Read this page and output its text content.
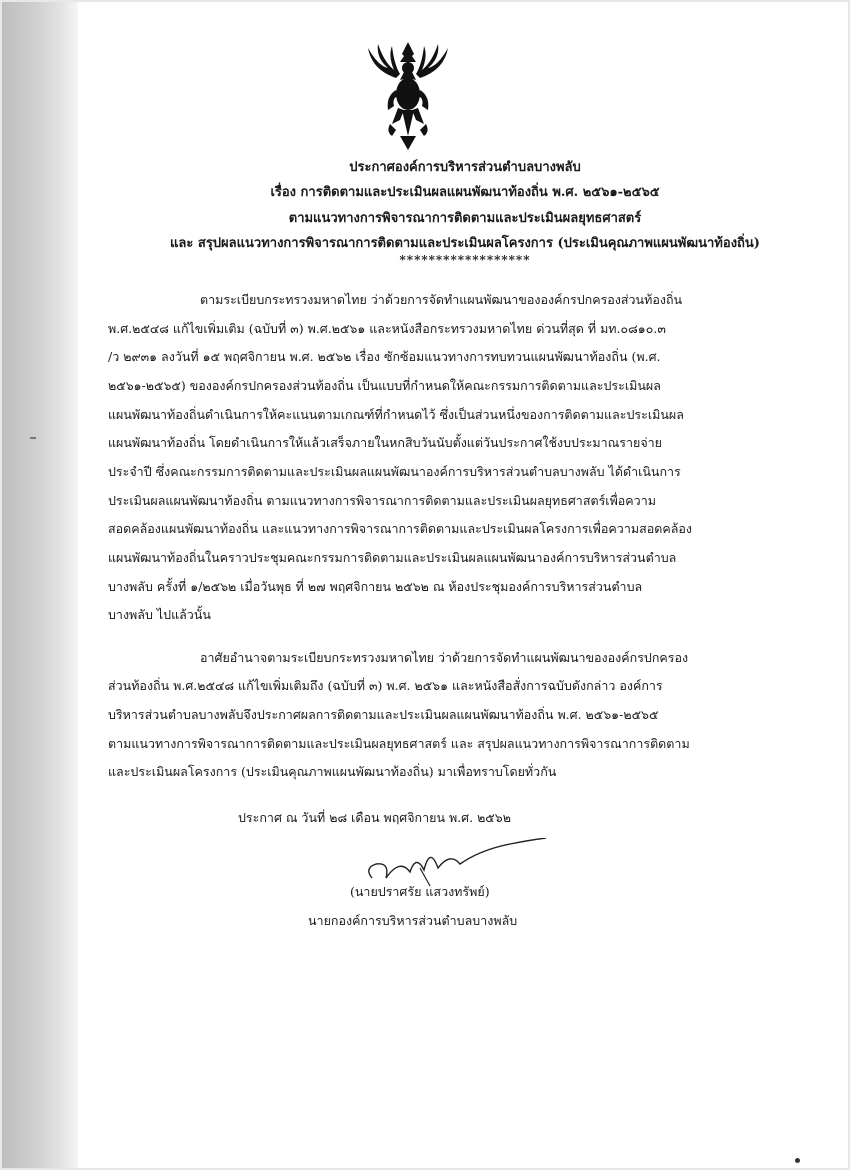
ประกาศองค์การบริหารส่วนตำบลบางพลับ
เรื่อง การติดตามและประเมินผลแผนพัฒนาท้องถิ่น พ.ศ. ๒๕๖๑-๒๕๖๕
ตามแนวทางการพิจารณาการติดตามและประเมินผลยุทธศาสตร์
และ สรุปผลแนวทางการพิจารณาการติดตามและประเมินผลโครงการ (ประเมินคุณภาพแผนพัฒนาท้องถิ่น)
******************
ตามระเบียบกระทรวงมหาดไทย ว่าด้วยการจัดทำแผนพัฒนาขององค์กรปกครองส่วนท้องถิ่น
พ.ศ.๒๕๔๘ แก้ไขเพิ่มเติม (ฉบับที่ ๓) พ.ศ.๒๕๖๑ และหนังสือกระทรวงมหาดไทย ด่วนที่สุด ที่ มท.๐๘๑๐.๓
/ว ๒๙๓๑ ลงวันที่ ๑๕ พฤศจิกายน พ.ศ. ๒๕๖๒ เรื่อง ซักซ้อมแนวทางการทบทวนแผนพัฒนาท้องถิ่น (พ.ศ.
๒๕๖๑-๒๕๖๕) ขององค์กรปกครองส่วนท้องถิ่น เป็นแบบที่กำหนดให้คณะกรรมการติดตามและประเมินผล
แผนพัฒนาท้องถิ่นดำเนินการให้คะแนนตามเกณฑ์ที่กำหนดไว้ ซึ่งเป็นส่วนหนึ่งของการติดตามและประเมินผล
แผนพัฒนาท้องถิ่น โดยดำเนินการให้แล้วเสร็จภายในหกสิบวันนับตั้งแต่วันประกาศใช้งบประมาณรายจ่าย
ประจำปี ซึ่งคณะกรรมการติดตามและประเมินผลแผนพัฒนาองค์การบริหารส่วนตำบลบางพลับ ได้ดำเนินการ
ประเมินผลแผนพัฒนาท้องถิ่น ตามแนวทางการพิจารณาการติดตามและประเมินผลยุทธศาสตร์เพื่อความ
สอดคล้องแผนพัฒนาท้องถิ่น และแนวทางการพิจารณาการติดตามและประเมินผลโครงการเพื่อความสอดคล้อง
แผนพัฒนาท้องถิ่นในคราวประชุมคณะกรรมการติดตามและประเมินผลแผนพัฒนาองค์การบริหารส่วนตำบล
บางพลับ ครั้งที่ ๑/๒๕๖๒ เมื่อวันพุธ ที่ ๒๗ พฤศจิกายน ๒๕๖๒ ณ ห้องประชุมองค์การบริหารส่วนตำบล
บางพลับ ไปแล้วนั้น
อาศัยอำนาจตามระเบียบกระทรวงมหาดไทย ว่าด้วยการจัดทำแผนพัฒนาขององค์กรปกครอง
ส่วนท้องถิ่น พ.ศ.๒๕๔๘ แก้ไขเพิ่มเติมถึง (ฉบับที่ ๓) พ.ศ. ๒๕๖๑ และหนังสือสั่งการฉบับดังกล่าว องค์การ
บริหารส่วนตำบลบางพลับจึงประกาศผลการติดตามและประเมินผลแผนพัฒนาท้องถิ่น พ.ศ. ๒๕๖๑-๒๕๖๕
ตามแนวทางการพิจารณาการติดตามและประเมินผลยุทธศาสตร์ และ สรุปผลแนวทางการพิจารณาการติดตาม
และประเมินผลโครงการ (ประเมินคุณภาพแผนพัฒนาท้องถิ่น) มาเพื่อทราบโดยทั่วกัน
ประกาศ ณ วันที่ ๒๘ เดือน พฤศจิกายน พ.ศ. ๒๕๖๒
(นายปราศรัย แสวงทรัพย์)
นายกองค์การบริหารส่วนตำบลบางพลับ
